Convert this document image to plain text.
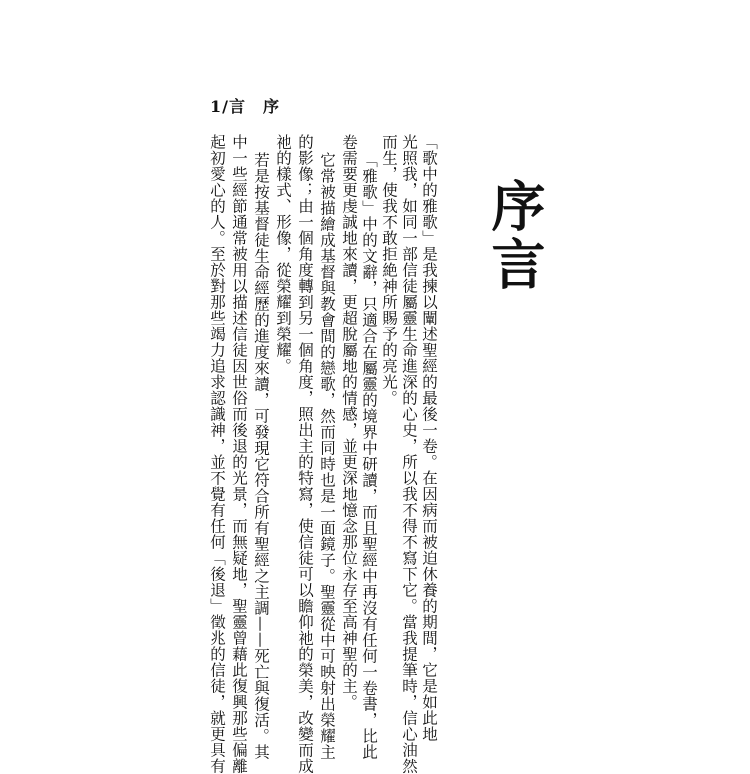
1/言　序
序言
「歌中的雅歌」是我揀以闡述聖經的最後一卷。在因病而被迫休養的期間，它是如此地
光照我，如同一部信徒屬靈生命進深的心史，所以我不得不寫下它。當我提筆時，信心油然
而生，使我不敢拒絶神所賜予的亮光。
「雅歌」中的文辭，只適合在屬靈的境界中研讀，而且聖經中再沒有任何一卷書，比此
卷需要更虔誠地來讀，更超脫屬地的情感，並更深地憶念那位永存至高神聖的主。
它常被描繪成基督與教會間的戀歌，然而同時也是一面鏡子。聖靈從中可映射出榮耀主
的影像；由一個角度轉到另一個角度，照出主的特寫，使信徒可以瞻仰祂的榮美，改變而成
祂的樣式、形像，從榮耀到榮耀。
若是按基督徒生命經歷的進度來讀，可發現它符合所有聖經之主調——死亡與復活。其
中一些經節通常被用以描述信徒因世俗而後退的光景，而無疑地，聖靈曾藉此復興那些偏離
起初愛心的人。至於對那些竭力追求認識神，並不覺有任何「後退」徵兆的信徒，就更具有
